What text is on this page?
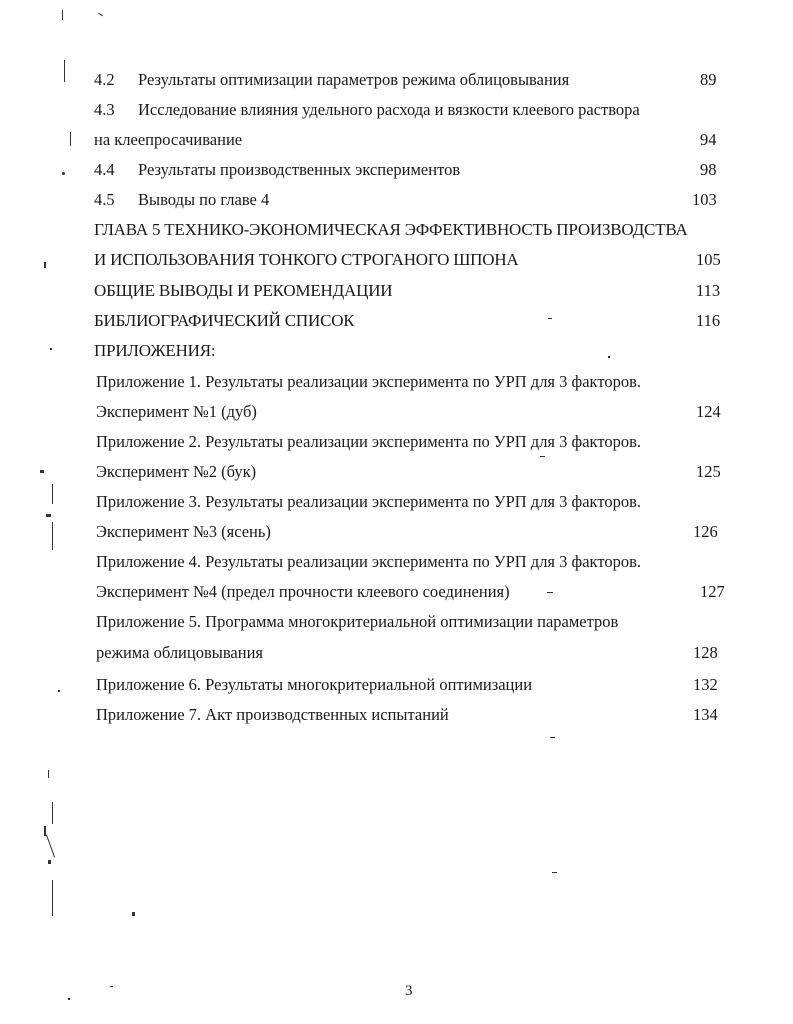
4.2 Результаты оптимизации параметров режима облицовывания	89
4.3 Исследование влияния удельного расхода и вязкости клеевого раствора
на клеепросачивание	94
4.4 Результаты производственных экспериментов	98
4.5 Выводы по главе 4	103
ГЛАВА 5 ТЕХНИКО-ЭКОНОМИЧЕСКАЯ ЭФФЕКТИВНОСТЬ ПРОИЗВОДСТВА
И ИСПОЛЬЗОВАНИЯ ТОНКОГО СТРОГАНОГО ШПОНА	105
ОБЩИЕ ВЫВОДЫ И РЕКОМЕНДАЦИИ	113
БИБЛИОГРАФИЧЕСКИЙ СПИСОК	116
ПРИЛОЖЕНИЯ:
Приложение 1. Результаты реализации эксперимента по УРП для 3 факторов.
Эксперимент №1 (дуб)	124
Приложение 2. Результаты реализации эксперимента по УРП для 3 факторов.
Эксперимент №2 (бук)	125
Приложение 3. Результаты реализации эксперимента по УРП для 3 факторов.
Эксперимент №3 (ясень)	126
Приложение 4. Результаты реализации эксперимента по УРП для 3 факторов.
Эксперимент №4 (предел прочности клеевого соединения)	127
Приложение 5. Программа многокритериальной оптимизации параметров
режима облицовывания	128
Приложение 6. Результаты многокритериальной оптимизации	132
Приложение 7. Акт производственных испытаний	134
3
